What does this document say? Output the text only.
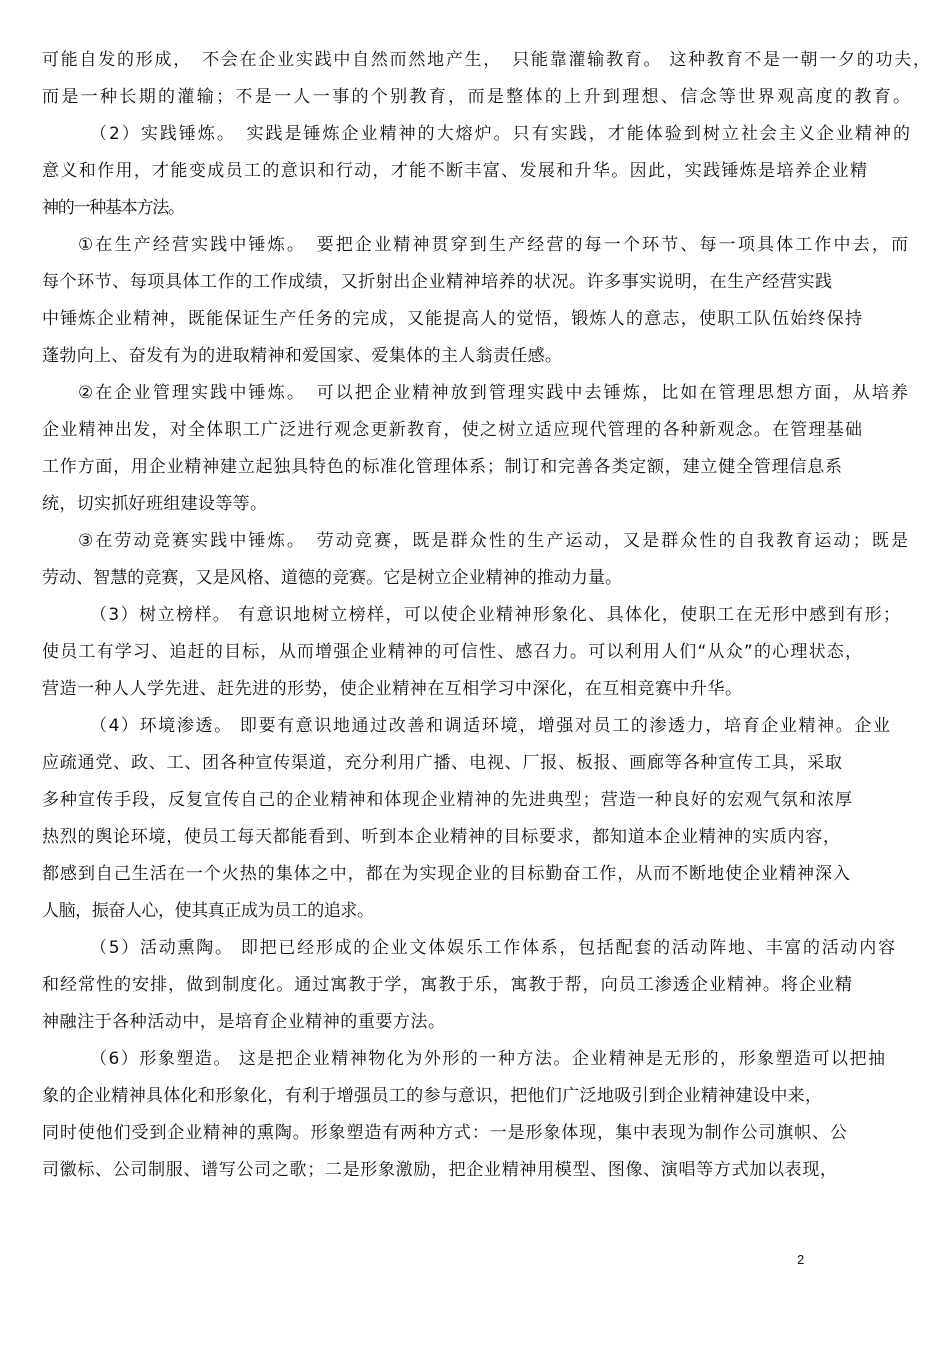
可能自发的形成，　不会在企业实践中自然而然地产生，　只能靠灌输教育。 这种教育不是一朝一夕的功夫，
而是一种长期的灌输；不是一人一事的个别教育，而是整体的上升到理想、信念等世界观高度的教育。
（2）实践锤炼。　实践是锤炼企业精神的大熔炉。只有实践，才能体验到树立社会主义企业精神的
意义和作用，才能变成员工的意识和行动，才能不断丰富、发展和升华。因此，实践锤炼是培养企业精
神的一种基本方法。
①在生产经营实践中锤炼。　要把企业精神贯穿到生产经营的每一个环节、每一项具体工作中去，而
每个环节、每项具体工作的工作成绩，又折射出企业精神培养的状况。许多事实说明，在生产经营实践
中锤炼企业精神，既能保证生产任务的完成，又能提高人的觉悟，锻炼人的意志，使职工队伍始终保持
蓬勃向上、奋发有为的进取精神和爱国家、爱集体的主人翁责任感。
②在企业管理实践中锤炼。　可以把企业精神放到管理实践中去锤炼，比如在管理思想方面，从培养
企业精神出发，对全体职工广泛进行观念更新教育，使之树立适应现代管理的各种新观念。在管理基础
工作方面，用企业精神建立起独具特色的标准化管理体系；制订和完善各类定额，建立健全管理信息系
统，切实抓好班组建设等等。
③在劳动竞赛实践中锤炼。　劳动竞赛，既是群众性的生产运动，又是群众性的自我教育运动；既是
劳动、智慧的竞赛，又是风格、道德的竞赛。它是树立企业精神的推动力量。
（3）树立榜样。 有意识地树立榜样，可以使企业精神形象化、具体化，使职工在无形中感到有形；
使员工有学习、追赶的目标，从而增强企业精神的可信性、感召力。可以利用人们“从众”的心理状态，
营造一种人人学先进、赶先进的形势，使企业精神在互相学习中深化，在互相竞赛中升华。
（4）环境渗透。 即要有意识地通过改善和调适环境，增强对员工的渗透力，培育企业精神。企业
应疏通党、政、工、团各种宣传渠道，充分利用广播、电视、厂报、板报、画廊等各种宣传工具，采取
多种宣传手段，反复宣传自己的企业精神和体现企业精神的先进典型；营造一种良好的宏观气氛和浓厚
热烈的舆论环境，使员工每天都能看到、听到本企业精神的目标要求，都知道本企业精神的实质内容，
都感到自己生活在一个火热的集体之中，都在为实现企业的目标勤奋工作，从而不断地使企业精神深入
人脑，振奋人心，使其真正成为员工的追求。
（5）活动熏陶。 即把已经形成的企业文体娱乐工作体系，包括配套的活动阵地、丰富的活动内容
和经常性的安排，做到制度化。通过寓教于学，寓教于乐，寓教于帮，向员工渗透企业精神。将企业精
神融注于各种活动中，是培育企业精神的重要方法。
（6）形象塑造。 这是把企业精神物化为外形的一种方法。企业精神是无形的，形象塑造可以把抽
象的企业精神具体化和形象化，有利于增强员工的参与意识，把他们广泛地吸引到企业精神建设中来，
同时使他们受到企业精神的熏陶。形象塑造有两种方式：一是形象体现，集中表现为制作公司旗帜、公
司徽标、公司制服、谱写公司之歌；二是形象激励，把企业精神用模型、图像、演唱等方式加以表现，
2
